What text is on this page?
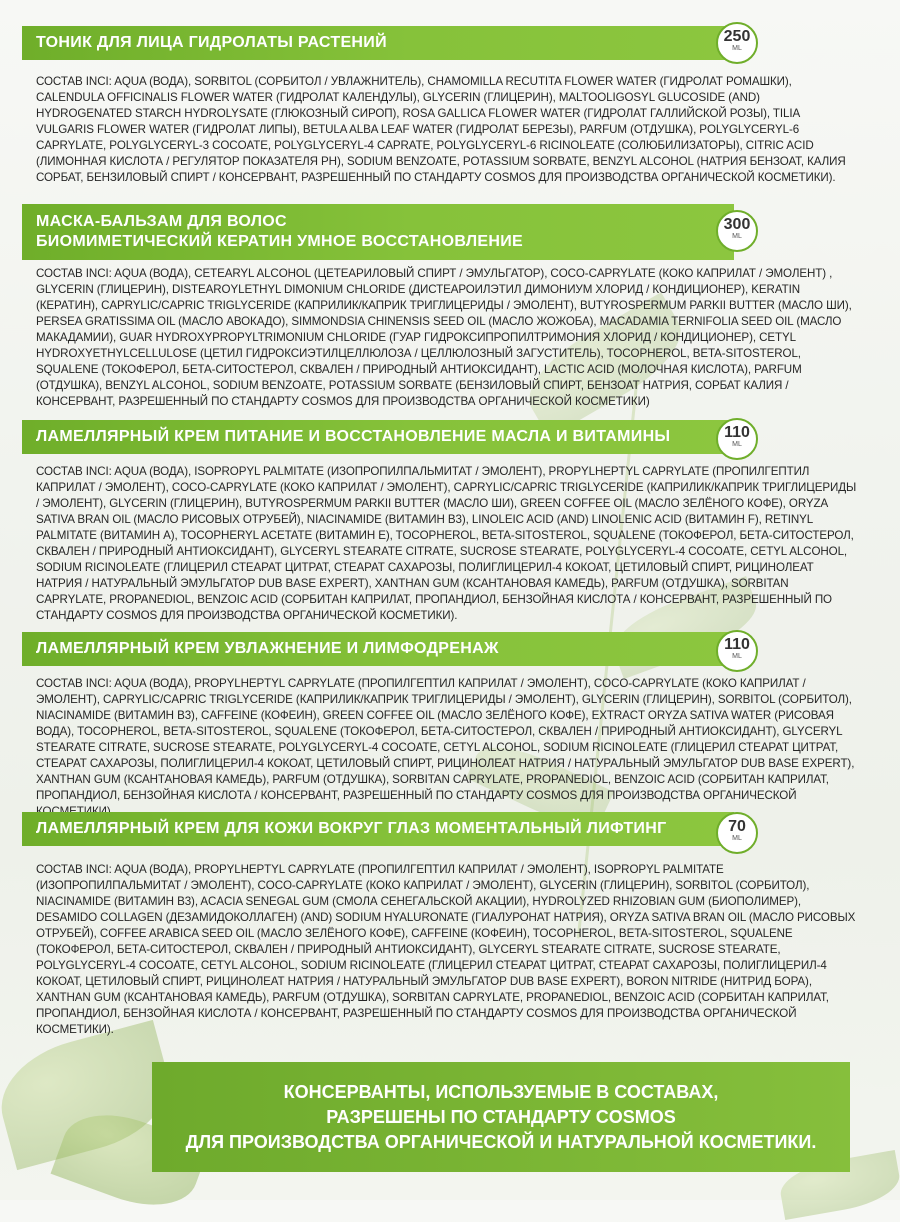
ТОНИК ДЛЯ ЛИЦА ГИДРОЛАТЫ РАСТЕНИЙ	250
ML
СОСТАВ INCI: AQUA (ВОДА), SORBITOL (СОРБИТОЛ / УВЛАЖНИТЕЛЬ), CHAMOMILLA RECUTITA FLOWER WATER (ГИДРОЛАТ РОМАШКИ), CALENDULA OFFICINALIS FLOWER WATER (ГИДРОЛАТ КАЛЕНДУЛЫ), GLYCERIN (ГЛИЦЕРИН), MALTOOLIGOSYL GLUCOSIDE (AND) HYDROGENATED STARCH HYDROLYSATE (ГЛЮКОЗНЫЙ СИРОП), ROSA GALLICA FLOWER WATER (ГИДРОЛАТ ГАЛЛИЙСКОЙ РОЗЫ), TILIA VULGARIS FLOWER WATER (ГИДРОЛАТ ЛИПЫ), BETULA ALBA LEAF WATER (ГИДРОЛАТ БЕРЕЗЫ), PARFUM (ОТДУШКА), POLYGLYCERYL-6 CAPRYLATE, POLYGLYCERYL-3 COCOATE, POLYGLYCERYL-4 CAPRATE, POLYGLYCERYL-6 RICINOLEATE (СОЛЮБИЛИЗАТОРЫ), CITRIC ACID (ЛИМОННАЯ КИСЛОТА / РЕГУЛЯТОР ПОКАЗАТЕЛЯ PH), SODIUM BENZOATE, POTASSIUM SORBATE, BENZYL ALCOHOL (НАТРИЯ БЕНЗОАТ, КАЛИЯ СОРБАТ, БЕНЗИЛОВЫЙ СПИРТ / КОНСЕРВАНТ, РАЗРЕШЕННЫЙ ПО СТАНДАРТУ COSMOS ДЛЯ ПРОИЗВОДСТВА ОРГАНИЧЕСКОЙ КОСМЕТИКИ).
МАСКА-БАЛЬЗАМ ДЛЯ ВОЛОС
БИОМИМЕТИЧЕСКИЙ КЕРАТИН УМНОЕ ВОССТАНОВЛЕНИЕ
300
ML
СОСТАВ INCI: AQUA (ВОДА), CETEARYL ALCOHOL (ЦЕТЕАРИЛОВЫЙ СПИРТ / ЭМУЛЬГАТОР), COCO-CAPRYLATE (КОКО КАПРИЛАТ / ЭМОЛЕНТ) , GLYCERIN (ГЛИЦЕРИН), DISTEAROYLETHYL DIMONIUM CHLORIDE (ДИСТЕАРОИЛЭТИЛ ДИМОНИУМ ХЛОРИД / КОНДИЦИОНЕР), KERATIN (КЕРАТИН), CAPRYLIC/CAPRIC TRIGLYCERIDE (КАПРИЛИК/КАПРИК ТРИГЛИЦЕРИДЫ / ЭМОЛЕНТ), BUTYROSPERMUM PARKII BUTTER (МАСЛО ШИ), PERSEA GRATISSIMA OIL (МАСЛО АВОКАДО), SIMMONDSIA CHINENSIS SEED OIL (МАСЛО ЖОЖОБА), MACADAMIA TERNIFOLIA SEED OIL (МАСЛО МАКАДАМИИ), GUAR HYDROXYPROPYLTRIMONIUM CHLORIDE (ГУАР ГИДРОКСИПРОПИЛТРИМОНИЯ ХЛОРИД / КОНДИЦИОНЕР), CETYL HYDROXYETHYLCELLULOSE (ЦЕТИЛ ГИДРОКСИЭТИЛЦЕЛЛЮЛОЗА / ЦЕЛЛЮЛОЗНЫЙ ЗАГУСТИТЕЛЬ), TOCOPHEROL, BETA-SITOSTEROL, SQUALENE (ТОКОФЕРОЛ, БЕТА-СИТОСТЕРОЛ, СКВАЛЕН / ПРИРОДНЫЙ АНТИОКСИДАНТ), LACTIC ACID (МОЛОЧНАЯ КИСЛОТА), PARFUM (ОТДУШКА), BENZYL ALCOHOL, SODIUM BENZOATE, POTASSIUM SORBATE (БЕНЗИЛОВЫЙ СПИРТ, БЕНЗОАТ НАТРИЯ, СОРБАТ КАЛИЯ / КОНСЕРВАНТ, РАЗРЕШЕННЫЙ ПО СТАНДАРТУ COSMOS ДЛЯ ПРОИЗВОДСТВА ОРГАНИЧЕСКОЙ КОСМЕТИКИ)
ЛАМЕЛЛЯРНЫЙ КРЕМ ПИТАНИЕ И ВОССТАНОВЛЕНИЕ МАСЛА И ВИТАМИНЫ	110
ML
СОСТАВ INCI: AQUA (ВОДА), ISOPROPYL PALMITATE (ИЗОПРОПИЛПАЛЬМИТАТ / ЭМОЛЕНТ), PROPYLHEPTYL CAPRYLATE (ПРОПИЛГЕПТИЛ КАПРИЛАТ / ЭМОЛЕНТ), COCO-CAPRYLATE (КОКО КАПРИЛАТ / ЭМОЛЕНТ), CAPRYLIC/CAPRIC TRIGLYCERIDE (КАПРИЛИК/КАПРИК ТРИГЛИЦЕРИДЫ / ЭМОЛЕНТ), GLYCERIN (ГЛИЦЕРИН), BUTYROSPERMUM PARKII BUTTER (МАСЛО ШИ), GREEN COFFEE OIL (МАСЛО ЗЕЛЁНОГО КОФЕ), ORYZA SATIVA BRAN OIL (МАСЛО РИСОВЫХ ОТРУБЕЙ), NIACINAMIDE (ВИТАМИН B3), LINOLEIC ACID (AND) LINOLENIC ACID (ВИТАМИН F), RETINYL PALMITATE (ВИТАМИН А), TOCOPHERYL ACETATE (ВИТАМИН Е), TOCOPHEROL, BETA-SITOSTEROL, SQUALENE (ТОКОФЕРОЛ, БЕТА-СИТОСТЕРОЛ, СКВАЛЕН / ПРИРОДНЫЙ АНТИОКСИДАНТ), GLYCERYL STEARATE CITRATE, SUCROSE STEARATE, POLYGLYCERYL-4 COCOATE, CETYL ALCOHOL, SODIUM RICINOLEATE (ГЛИЦЕРИЛ СТЕАРАТ ЦИТРАТ, СТЕАРАТ САХАРОЗЫ, ПОЛИГЛИЦЕРИЛ-4 КОКОАТ, ЦЕТИЛОВЫЙ СПИРТ, РИЦИНОЛЕАТ НАТРИЯ / НАТУРАЛЬНЫЙ ЭМУЛЬГАТОР DUB BASE EXPERT), XANTHAN GUM (КСАНТАНОВАЯ КАМЕДЬ), PARFUM (ОТДУШКА), SORBITAN CAPRYLATE, PROPANEDIOL, BENZOIC ACID (СОРБИТАН КАПРИЛАТ, ПРОПАНДИОЛ, БЕНЗОЙНАЯ КИСЛОТА / КОНСЕРВАНТ, РАЗРЕШЕННЫЙ ПО СТАНДАРТУ COSMOS ДЛЯ ПРОИЗВОДСТВА ОРГАНИЧЕСКОЙ КОСМЕТИКИ).
ЛАМЕЛЛЯРНЫЙ КРЕМ УВЛАЖНЕНИЕ И ЛИМФОДРЕНАЖ	110
ML
СОСТАВ INCI: AQUA (ВОДА), PROPYLHEPTYL CAPRYLATE (ПРОПИЛГЕПТИЛ КАПРИЛАТ / ЭМОЛЕНТ), COCO-CAPRYLATE (КОКО КАПРИЛАТ / ЭМОЛЕНТ), CAPRYLIC/CAPRIC TRIGLYCERIDE (КАПРИЛИК/КАПРИК ТРИГЛИЦЕРИДЫ / ЭМОЛЕНТ), GLYCERIN (ГЛИЦЕРИН), SORBITOL (СОРБИТОЛ), NIACINAMIDE (ВИТАМИН B3), CAFFEINE (КОФЕИН), GREEN COFFEE OIL (МАСЛО ЗЕЛЁНОГО КОФЕ), EXTRACT ORYZA SATIVA WATER (РИСОВАЯ ВОДА), TOCOPHEROL, BETA-SITOSTEROL, SQUALENE (ТОКОФЕРОЛ, БЕТА-СИТОСТЕРОЛ, СКВАЛЕН / ПРИРОДНЫЙ АНТИОКСИДАНТ), GLYCERYL STEARATE CITRATE, SUCROSE STEARATE, POLYGLYCERYL-4 COCOATE, CETYL ALCOHOL, SODIUM RICINOLEATE (ГЛИЦЕРИЛ СТЕАРАТ ЦИТРАТ, СТЕАРАТ САХАРОЗЫ, ПОЛИГЛИЦЕРИЛ-4 КОКОАТ, ЦЕТИЛОВЫЙ СПИРТ, РИЦИНОЛЕАТ НАТРИЯ / НАТУРАЛЬНЫЙ ЭМУЛЬГАТОР DUB BASE EXPERT), XANTHAN GUM (КСАНТАНОВАЯ КАМЕДЬ), PARFUM (ОТДУШКА), SORBITAN CAPRYLATE, PROPANEDIOL, BENZOIC ACID (СОРБИТАН КАПРИЛАТ, ПРОПАНДИОЛ, БЕНЗОЙНАЯ КИСЛОТА / КОНСЕРВАНТ, РАЗРЕШЕННЫЙ ПО СТАНДАРТУ COSMOS ДЛЯ ПРОИЗВОДСТВА ОРГАНИЧЕСКОЙ
ЛАМЕЛЛЯРНЫЙ КРЕМ ДЛЯ КОЖИ ВОКРУГ ГЛАЗ МОМЕНТАЛЬНЫЙ ЛИФТИНГ	70
ML
СОСТАВ INCI: AQUA (ВОДА), PROPYLHEPTYL CAPRYLATE (ПРОПИЛГЕПТИЛ КАПРИЛАТ / ЭМОЛЕНТ), ISOPROPYL PALMITATE (ИЗОПРОПИЛПАЛЬМИТАТ / ЭМОЛЕНТ), COCO-CAPRYLATE (КОКО КАПРИЛАТ / ЭМОЛЕНТ), GLYCERIN (ГЛИЦЕРИН), SORBITOL (СОРБИТОЛ), NIACINAMIDE (ВИТАМИН B3), ACACIA SENEGAL GUM (СМОЛА СЕНЕГАЛЬСКОЙ АКАЦИИ), HYDROLYZED RHIZOBIAN GUM (БИОПОЛИМЕР), DESAMIDO COLLAGEN (ДЕЗАМИДОКОЛЛАГЕН) (AND) SODIUM HYALURONATE (ГИАЛУРОНАТ НАТРИЯ), ORYZA SATIVA BRAN OIL (МАСЛО РИСОВЫХ ОТРУБЕЙ), COFFEE ARABICA SEED OIL (МАСЛО ЗЕЛЁНОГО КОФЕ), CAFFEINE (КОФЕИН), TOCOPHEROL, BETA-SITOSTEROL, SQUALENE (ТОКОФЕРОЛ, БЕТА-СИТОСТЕРОЛ, СКВАЛЕН / ПРИРОДНЫЙ АНТИОКСИДАНТ), GLYCERYL STEARATE CITRATE, SUCROSE STEARATE, POLYGLYCERYL-4 COCOATE, CETYL ALCOHOL, SODIUM RICINOLEATE (ГЛИЦЕРИЛ СТЕАРАТ ЦИТРАТ, СТЕАРАТ САХАРОЗЫ, ПОЛИГЛИЦЕРИЛ-4 КОКОАТ, ЦЕТИЛОВЫЙ СПИРТ, РИЦИНОЛЕАТ НАТРИЯ / НАТУРАЛЬНЫЙ ЭМУЛЬГАТОР DUB BASE EXPERT), BORON NITRIDE (НИТРИД БОРА), XANTHAN GUM (КСАНТАНОВАЯ КАМЕДЬ), PARFUM (ОТДУШКА), SORBITAN CAPRYLATE, PROPANEDIOL, BENZOIC ACID (СОРБИТАН КАПРИЛАТ, ПРОПАНДИОЛ, БЕНЗОЙНАЯ КИСЛОТА / КОНСЕРВАНТ, РАЗРЕШЕННЫЙ ПО СТАНДАРТУ COSMOS ДЛЯ ПРОИЗВОДСТВА ОРГАНИЧЕСКОЙ КОСМЕТИКИ).
КОНСЕРВАНТЫ, ИСПОЛЬЗУЕМЫЕ В СОСТАВАХ,
РАЗРЕШЕНЫ ПО СТАНДАРТУ COSMOS
ДЛЯ ПРОИЗВОДСТВА ОРГАНИЧЕСКОЙ И НАТУРАЛЬНОЙ КОСМЕТИКИ.
